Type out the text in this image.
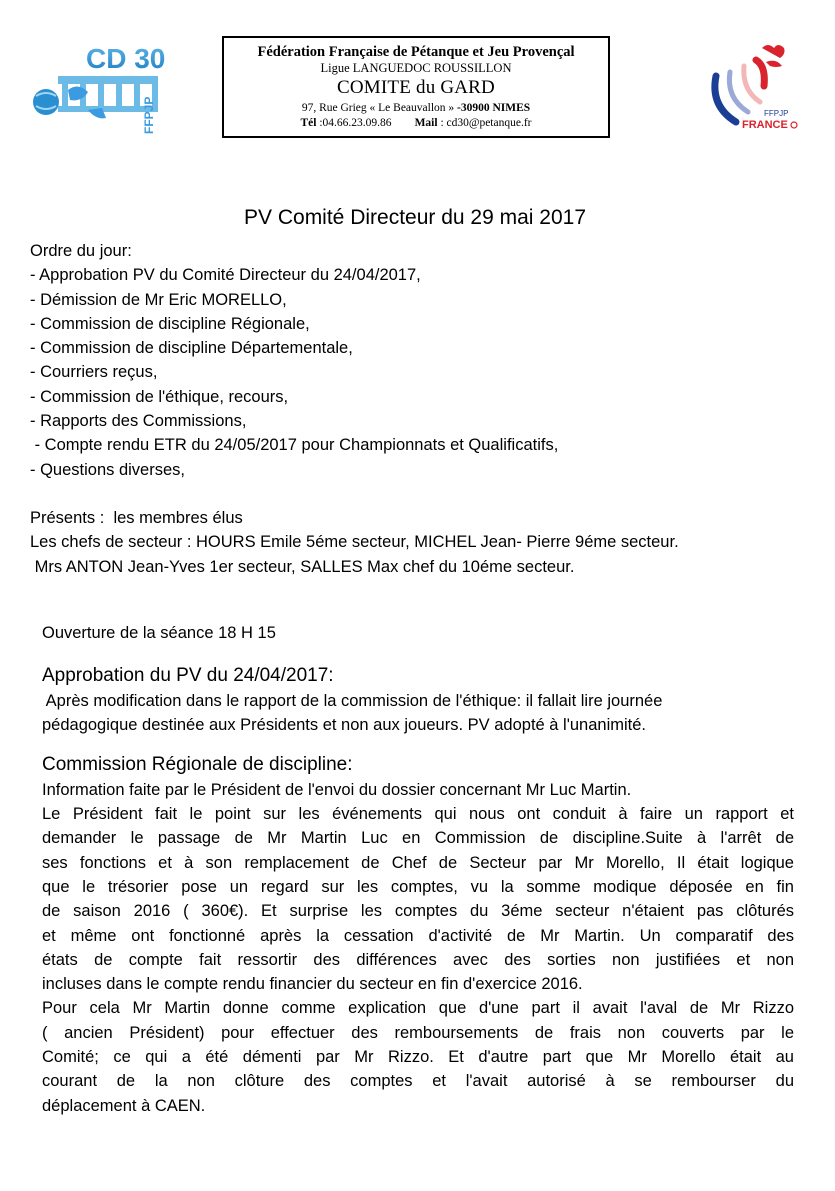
CD 30
FFPJP
Fédération Française de Pétanque et Jeu Provençal
Ligue LANGUEDOC ROUSSILLON
COMITE du GARD
97, Rue Grieg « Le Beauvallon » -30900 NIMES
Tél :04.66.23.09.86 Mail : cd30@petanque.fr
FFPJP
FRANCE
PV Comité Directeur du 29 mai 2017
Ordre du jour:
- Approbation PV du Comité Directeur du 24/04/2017,
- Démission de Mr Eric MORELLO,
- Commission de discipline Régionale,
- Commission de discipline Départementale,
- Courriers reçus,
- Commission de l'éthique, recours,
- Rapports des Commissions,
- Compte rendu ETR du 24/05/2017 pour Championnats et Qualificatifs,
- Questions diverses,
Présents :  les membres élus
Les chefs de secteur : HOURS Emile 5éme secteur, MICHEL Jean- Pierre 9éme secteur.
Mrs ANTON Jean-Yves 1er secteur, SALLES Max chef du 10éme secteur.
Ouverture de la séance 18 H 15
Approbation du PV du 24/04/2017:
Après modification dans le rapport de la commission de l'éthique: il fallait lire journée
pédagogique destinée aux Présidents et non aux joueurs. PV adopté à l'unanimité.
Commission Régionale de discipline:
Information faite par le Président de l'envoi du dossier concernant Mr Luc Martin.
Le Président fait le point sur les événements qui nous ont conduit à faire un rapport et
demander le passage de Mr Martin Luc en Commission de discipline.Suite à l'arrêt de
ses fonctions et à son remplacement de Chef de Secteur par Mr Morello, Il était logique
que le trésorier pose un regard sur les comptes, vu la somme modique déposée en fin
de saison 2016 ( 360€). Et surprise les comptes du 3éme secteur n'étaient pas clôturés
et même ont fonctionné après la cessation d'activité de Mr Martin. Un comparatif des
états de compte fait ressortir des différences avec des sorties non justifiées et non
incluses dans le compte rendu financier du secteur en fin d'exercice 2016.
Pour cela Mr Martin donne comme explication que d'une part il avait l'aval de Mr Rizzo
( ancien Président) pour effectuer des remboursements de frais non couverts par le
Comité; ce qui a été démenti par Mr Rizzo. Et d'autre part que Mr Morello était au
courant de la non clôture des comptes et l'avait autorisé à se rembourser du
déplacement à CAEN.
